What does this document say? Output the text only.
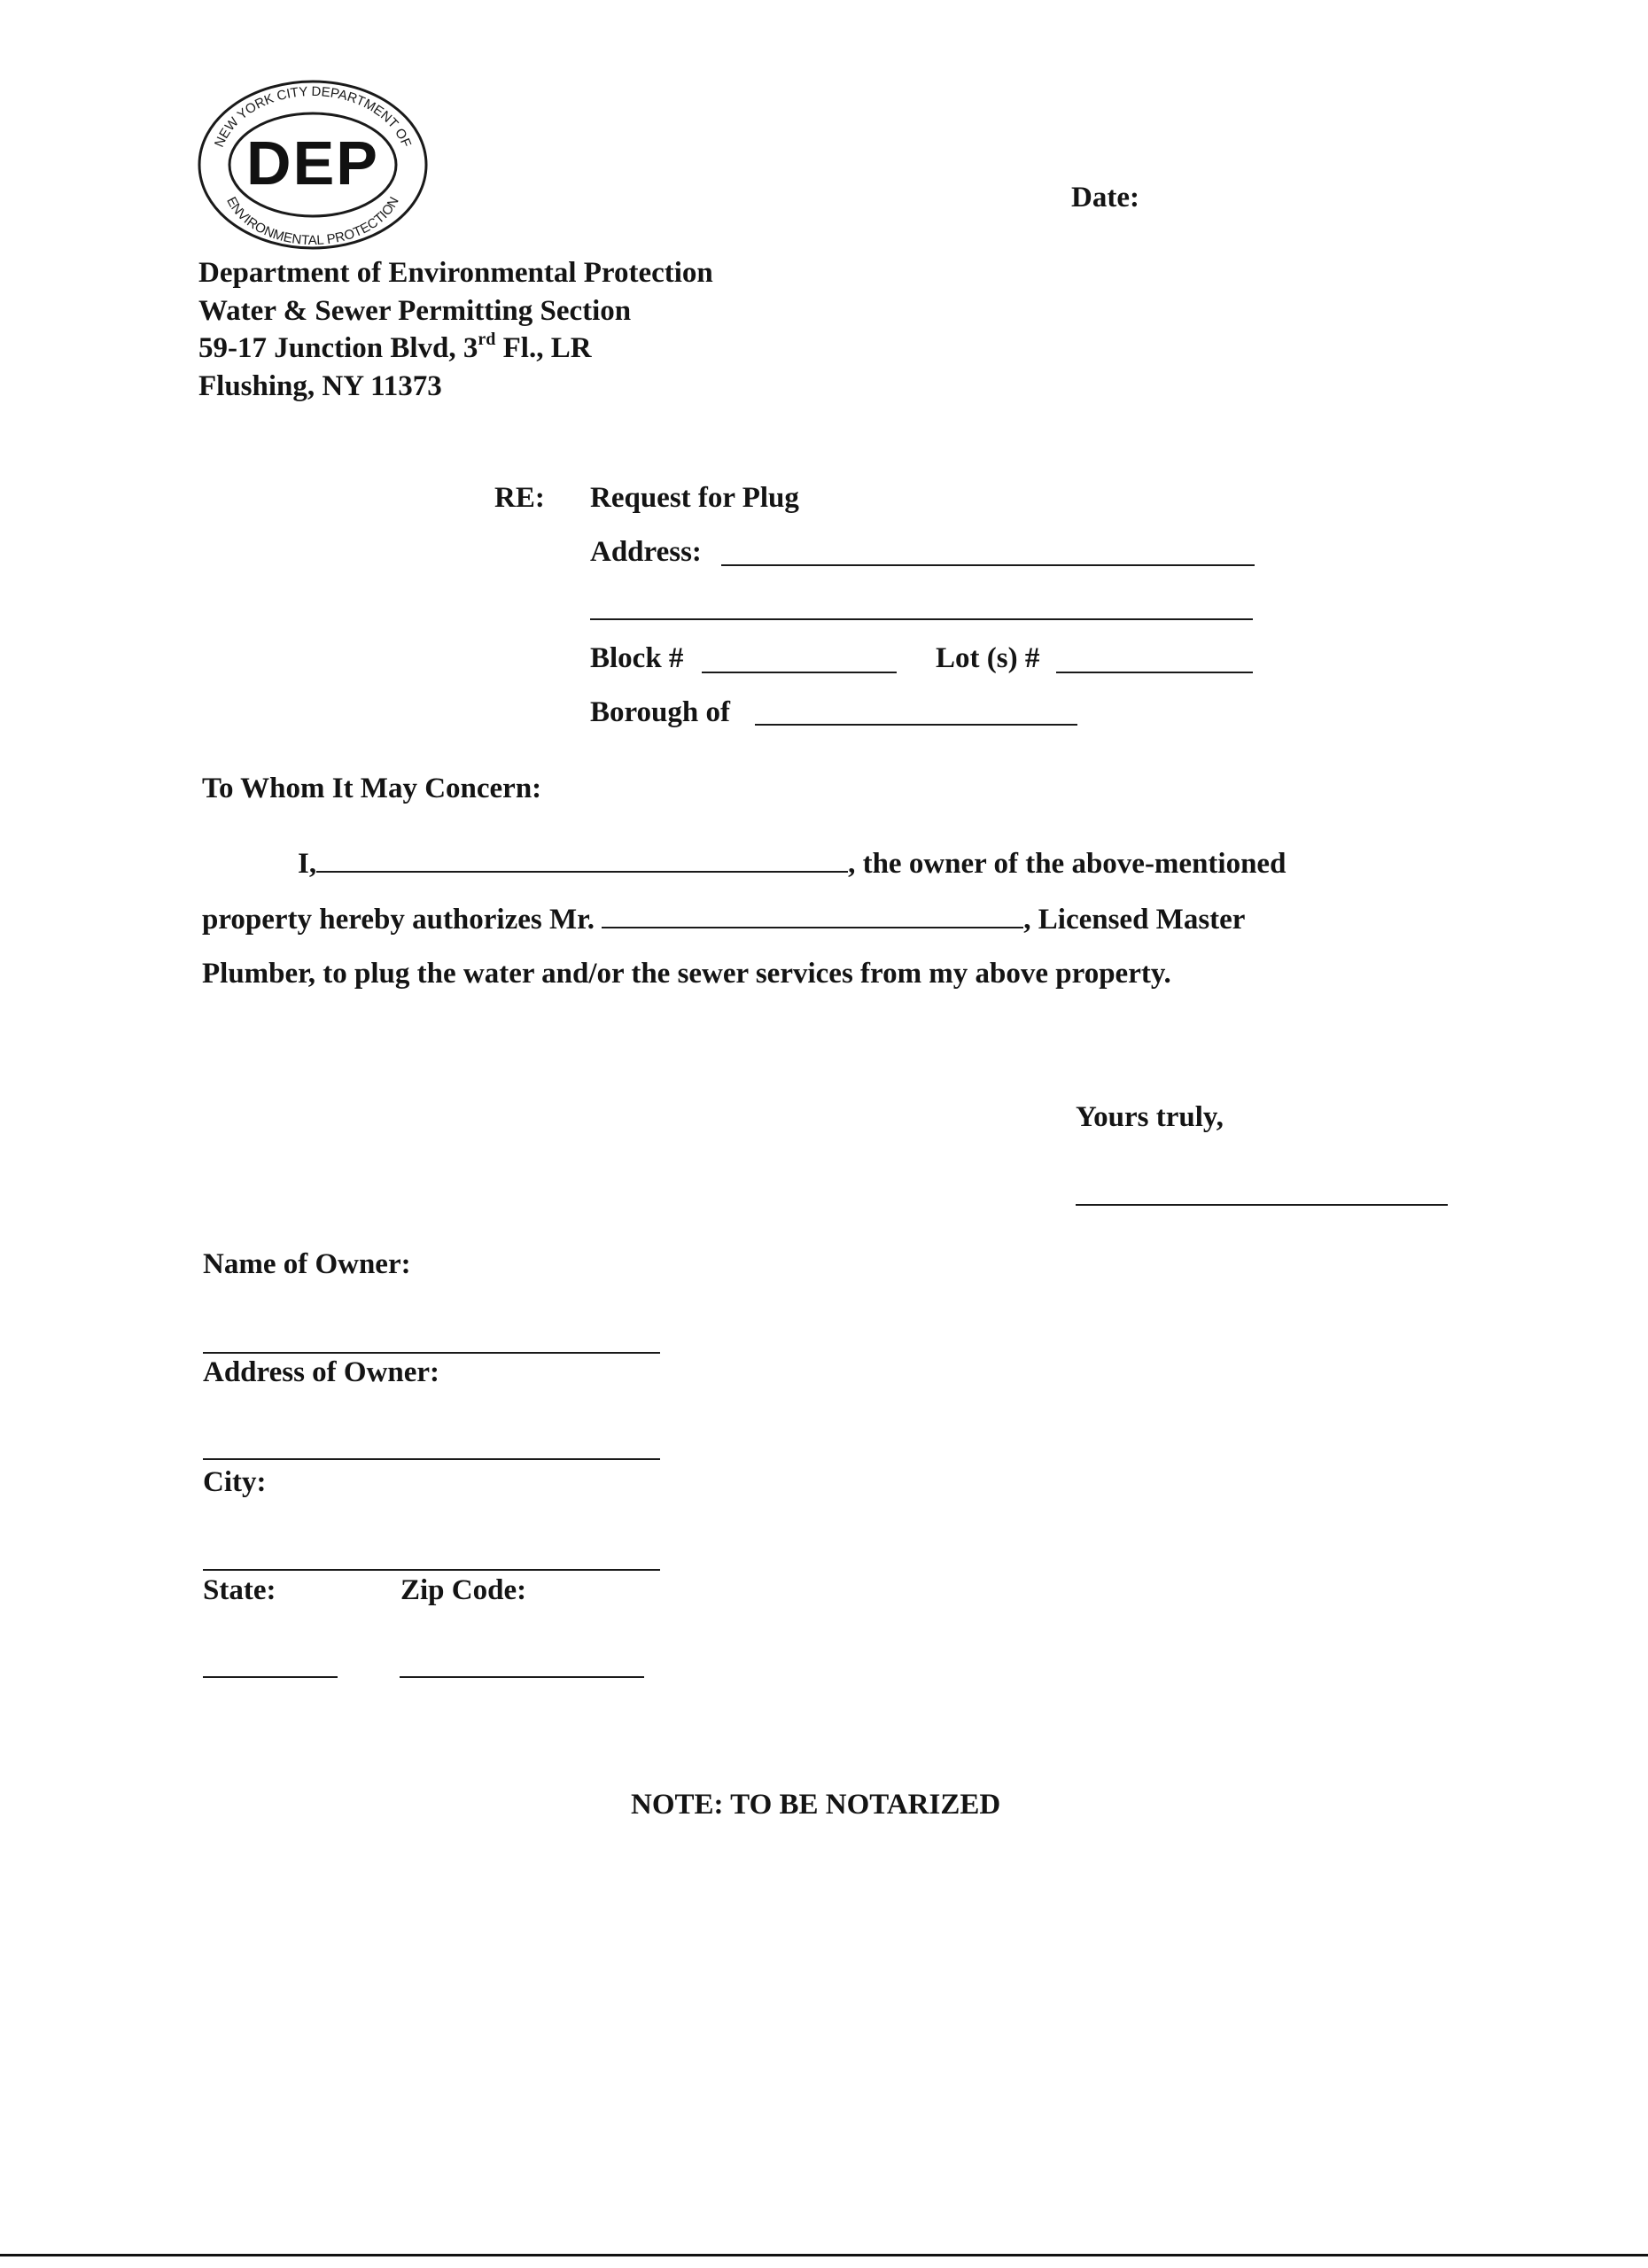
NEW YORK CITY DEPARTMENT OF
ENVIRONMENTAL PROTECTION
DEP	Date:
Department of Environmental Protection
Water & Sewer Permitting Section
59-17 Junction Blvd, 3rd Fl., LR
Flushing, NY 11373
RE: Request for Plug
Address:
Block #	Lot (s) #
Borough of
To Whom It May Concern:
I,	, the owner of the above-mentioned
property hereby authorizes Mr.	, Licensed Master
Plumber, to plug the water and/or the sewer services from my above property.
Yours truly,
Name of Owner:
Address of Owner:
City:
State:	Zip Code:
NOTE: TO BE NOTARIZED
